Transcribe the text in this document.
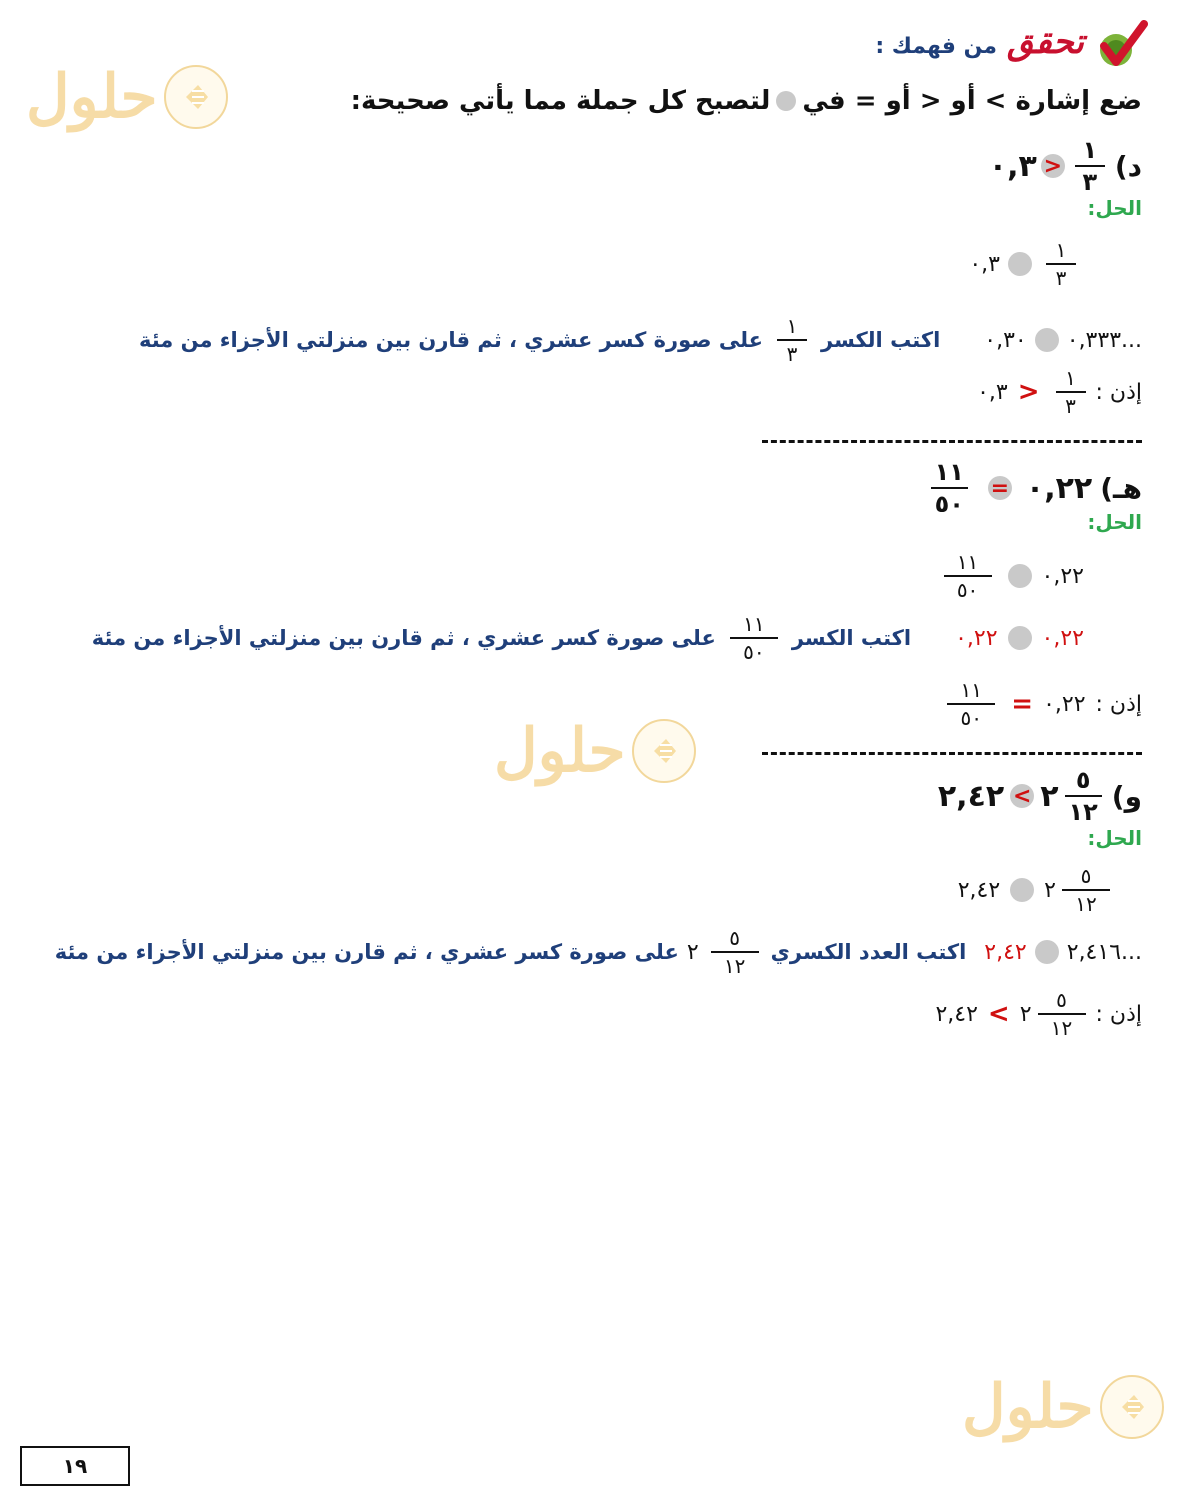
حلول
حلول
حلول
تحقق
من فهمك :
ضع إشارة > أو < أو = في
لتصبح كل جملة مما يأتي صحيحة:
د)
$\frac{١}{٣}$
<
٠,٣
الحل:
$\frac{١}{٣}$
٠,٣
...٠,٣٣٣
٠,٣٠
اكتب الكسر
$\frac{١}{٣}$
على صورة كسر عشري ، ثم قارن بين منزلتي الأجزاء من مئة
إذن :
$\frac{١}{٣}$
<
٠,٣
هـ)
٠,٢٢
=
$\frac{١١}{٥٠}$
الحل:
٠,٢٢
$\frac{١١}{٥٠}$
٠,٢٢
٠,٢٢
اكتب الكسر
$\frac{١١}{٥٠}$
على صورة كسر عشري ، ثم قارن بين منزلتي الأجزاء من مئة
إذن :
٠,٢٢
=
$\frac{١١}{٥٠}$
و)
$\frac{٥}{١٢}$
٢
>
٢,٤٢
الحل:
$\frac{٥}{١٢}$
٢
٢,٤٢
...٢,٤١٦
٢,٤٢
اكتب العدد الكسري
$\frac{٥}{١٢}$
٢
على صورة كسر عشري ، ثم قارن بين منزلتي الأجزاء من مئة
إذن :
$\frac{٥}{١٢}$
٢
>
٢,٤٢
١٩
